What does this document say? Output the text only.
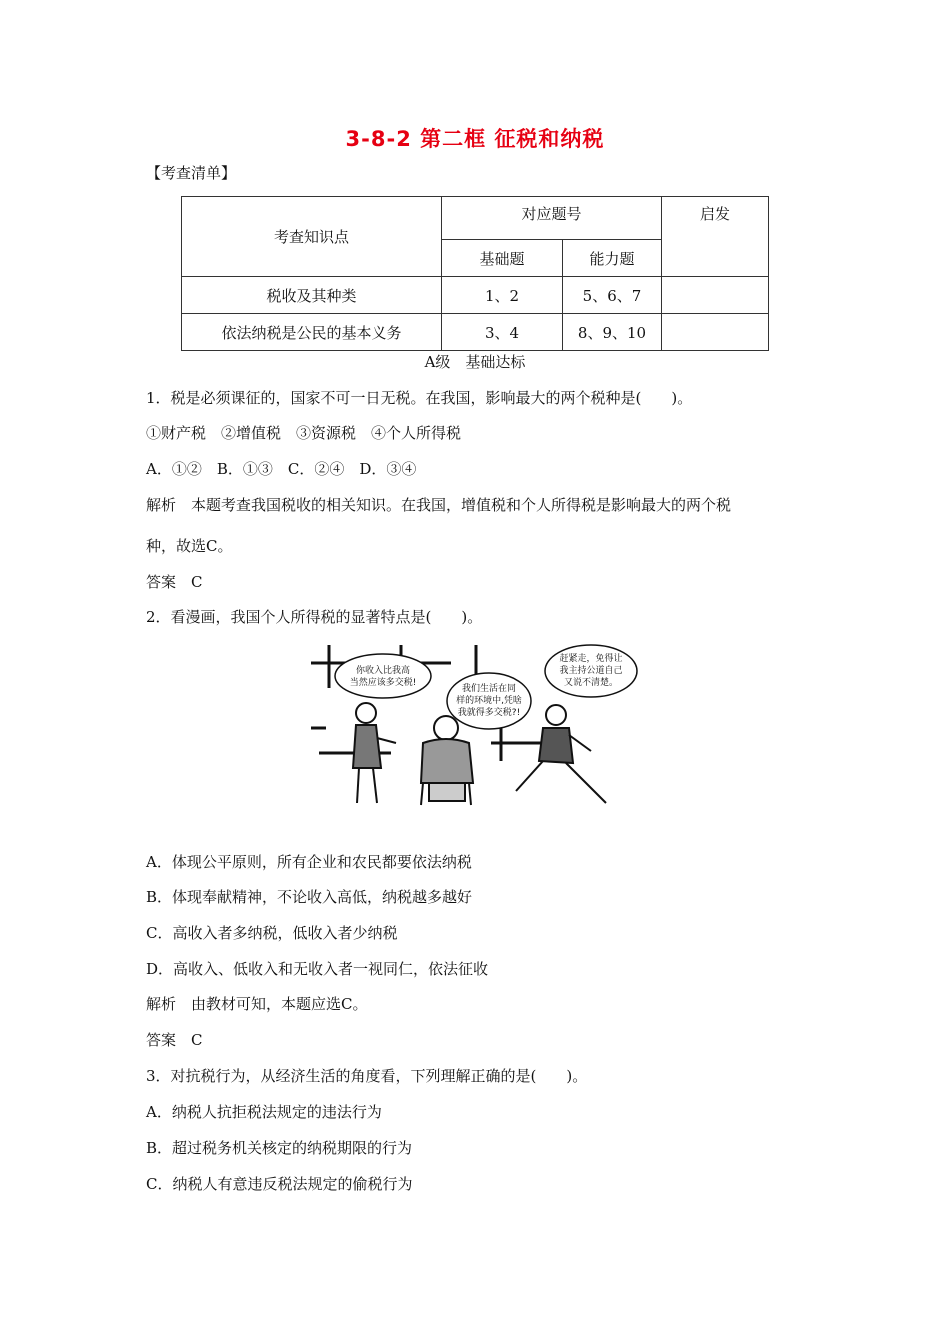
3-8-2 第二框 征税和纳税
【考查清单】
考查知识点	对应题号		启发
	基础题	能力题	
税收及其种类	1、2	5、6、7	
依法纳税是公民的基本义务	3、4	8、9、10	
A级　基础达标
1．税是必须课征的，国家不可一日无税。在我国，影响最大的两个税种是(　　)。
①财产税　②增值税　③资源税　④个人所得税
A．①②　B．①③　C．②④　D．③④
解析　本题考查我国税收的相关知识。在我国，增值税和个人所得税是影响最大的两个税
种，故选C。
答案　C
2．看漫画，我国个人所得税的显著特点是(　　)。
你收入比我高
当然应该多交税!
我们生活在同
样的环境中,凭啥
我就得多交税?!
赶紧走，免得让
我主持公道自己
又说不清楚。
A．体现公平原则，所有企业和农民都要依法纳税
B．体现奉献精神，不论收入高低，纳税越多越好
C．高收入者多纳税，低收入者少纳税
D．高收入、低收入和无收入者一视同仁，依法征收
解析　由教材可知，本题应选C。
答案　C
3．对抗税行为，从经济生活的角度看，下列理解正确的是(　　)。
A．纳税人抗拒税法规定的违法行为
B．超过税务机关核定的纳税期限的行为
C．纳税人有意违反税法规定的偷税行为
